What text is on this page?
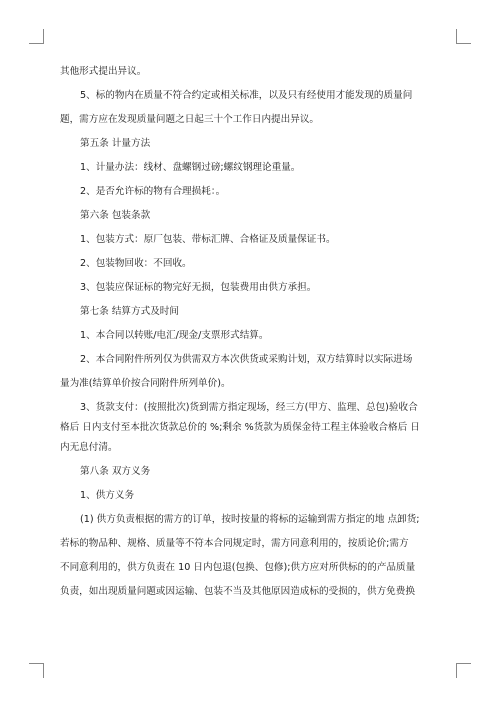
其他形式提出异议。

5、标的物内在质量不符合约定或相关标准，以及只有经使用才能发现的质量问

题，需方应在发现质量问题之日起三十个工作日内提出异议。

第五条 计量方法

1、计量办法：线材、盘螺钢过磅;螺纹钢理论重量。

2、是否允许标的物有合理损耗：。

第六条 包装条款

1、包装方式：原厂包装、带标汇牌、合格证及质量保证书。

2、包装物回收：不回收。

3、包装应保证标的物完好无损，包装费用由供方承担。

第七条 结算方式及时间

1、本合同以转账/电汇/现金/支票形式结算。

2、本合同附件所列仅为供需双方本次供货或采购计划，双方结算时以实际进场

量为准(结算单价按合同附件所列单价)。

3、货款支付：(按照批次)货到需方指定现场，经三方(甲方、监理、总包)验收合

格后 日内支付至本批次货款总价的 %;剩余 %货款为质保金待工程主体验收合格后 日

内无息付清。

第八条 双方义务

1、供方义务

(1) 供方负责根据的需方的订单，按时按量的将标的运输到需方指定的地 点卸货;

若标的物品种、规格、质量等不符本合同规定时，需方同意利用的，按质论价;需方

不同意利用的，供方负责在 10 日内包退(包换、包修);供方应对所供标的的产品质量

负责，如出现质量问题或因运输、包装不当及其他原因造成标的受损的，供方免费换
